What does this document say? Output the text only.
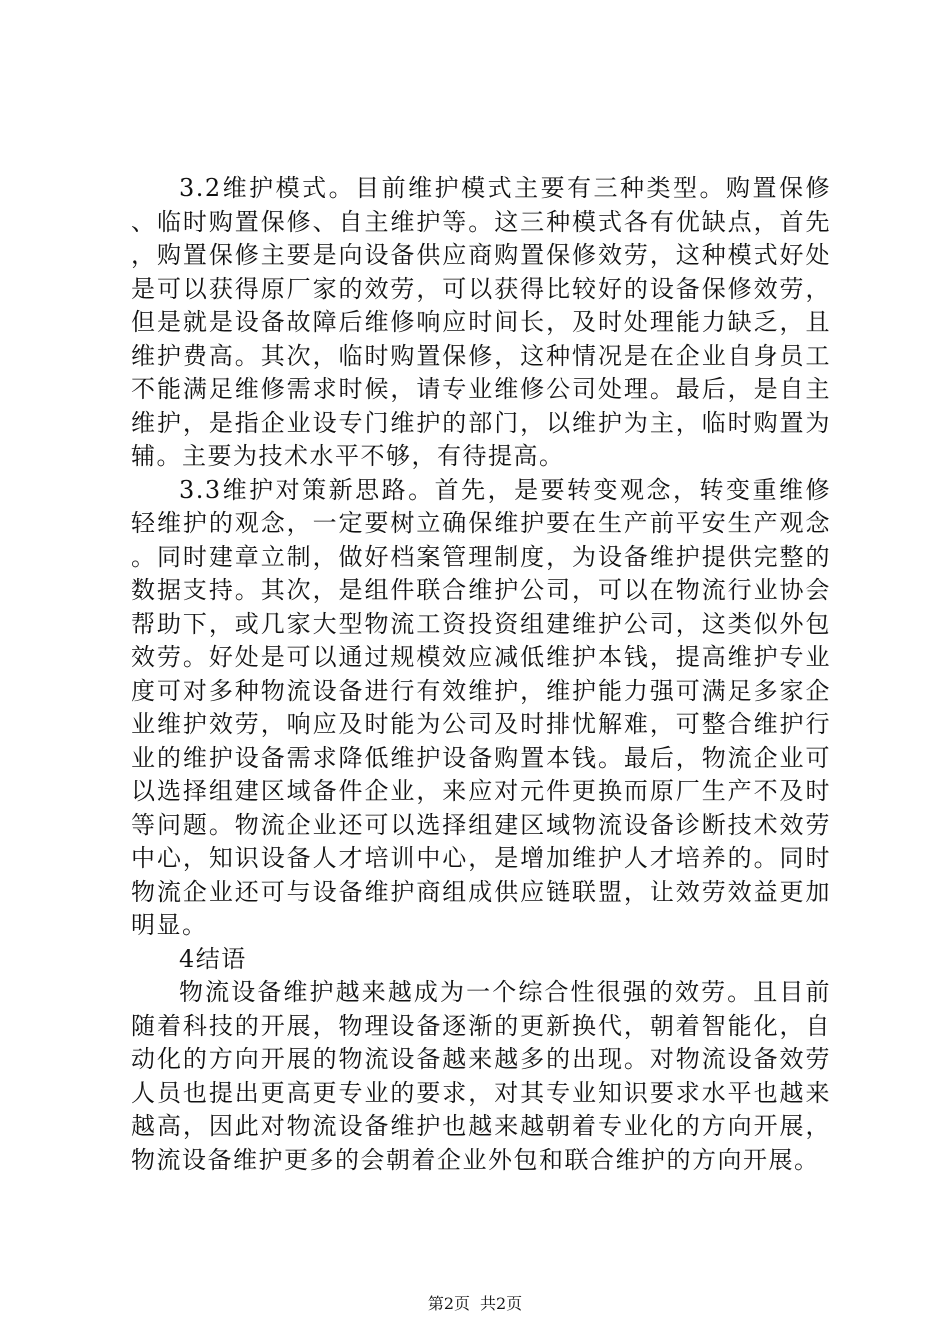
3.2维护模式。目前维护模式主要有三种类型。购置保修、临时购置保修、自主维护等。这三种模式各有优缺点，首先，购置保修主要是向设备供应商购置保修效劳，这种模式好处是可以获得原厂家的效劳，可以获得比较好的设备保修效劳，但是就是设备故障后维修响应时间长，及时处理能力缺乏，且维护费高。其次，临时购置保修，这种情况是在企业自身员工不能满足维修需求时候，请专业维修公司处理。最后，是自主维护，是指企业设专门维护的部门，以维护为主，临时购置为辅。主要为技术水平不够，有待提高。

3.3维护对策新思路。首先，是要转变观念，转变重维修轻维护的观念，一定要树立确保维护要在生产前平安生产观念。同时建章立制，做好档案管理制度，为设备维护提供完整的数据支持。其次，是组件联合维护公司，可以在物流行业协会帮助下，或几家大型物流工资投资组建维护公司，这类似外包效劳。好处是可以通过规模效应减低维护本钱，提高维护专业度可对多种物流设备进行有效维护，维护能力强可满足多家企业维护效劳，响应及时能为公司及时排忧解难，可整合维护行业的维护设备需求降低维护设备购置本钱。最后，物流企业可以选择组建区域备件企业，来应对元件更换而原厂生产不及时等问题。物流企业还可以选择组建区域物流设备诊断技术效劳中心，知识设备人才培训中心，是增加维护人才培养的。同时物流企业还可与设备维护商组成供应链联盟，让效劳效益更加明显。

4结语

物流设备维护越来越成为一个综合性很强的效劳。且目前随着科技的开展，物理设备逐渐的更新换代，朝着智能化，自动化的方向开展的物流设备越来越多的出现。对物流设备效劳人员也提出更高更专业的要求，对其专业知识要求水平也越来越高，因此对物流设备维护也越来越朝着专业化的方向开展，物流设备维护更多的会朝着企业外包和联合维护的方向开展。

第2页 共2页
